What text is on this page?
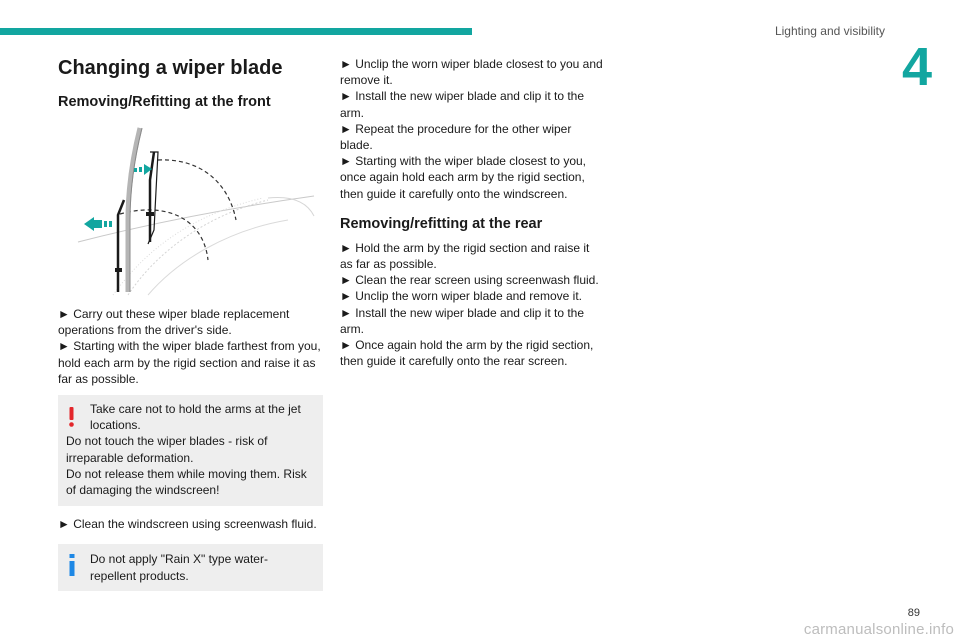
Lighting and visibility
4
Changing a wiper blade
Removing/Refitting at the front

► Carry out these wiper blade replacement operations from the driver's side.

► Starting with the wiper blade farthest from you, hold each arm by the rigid section and raise it as far as possible.

Take care not to hold the arms at the jet locations.
Do not touch the wiper blades - risk of irreparable deformation.
Do not release them while moving them. Risk of damaging the windscreen!

► Clean the windscreen using screenwash fluid.

Do not apply "Rain X" type water-repellent products.

► Unclip the worn wiper blade closest to you and remove it.

► Install the new wiper blade and clip it to the arm.

► Repeat the procedure for the other wiper blade.

► Starting with the wiper blade closest to you, once again hold each arm by the rigid section, then guide it carefully onto the windscreen.

Removing/refitting at the rear

► Hold the arm by the rigid section and raise it as far as possible.

► Clean the rear screen using screenwash fluid.

► Unclip the worn wiper blade and remove it.

► Install the new wiper blade and clip it to the arm.

► Once again hold the arm by the rigid section, then guide it carefully onto the rear screen.

89
carmanualsonline.info
